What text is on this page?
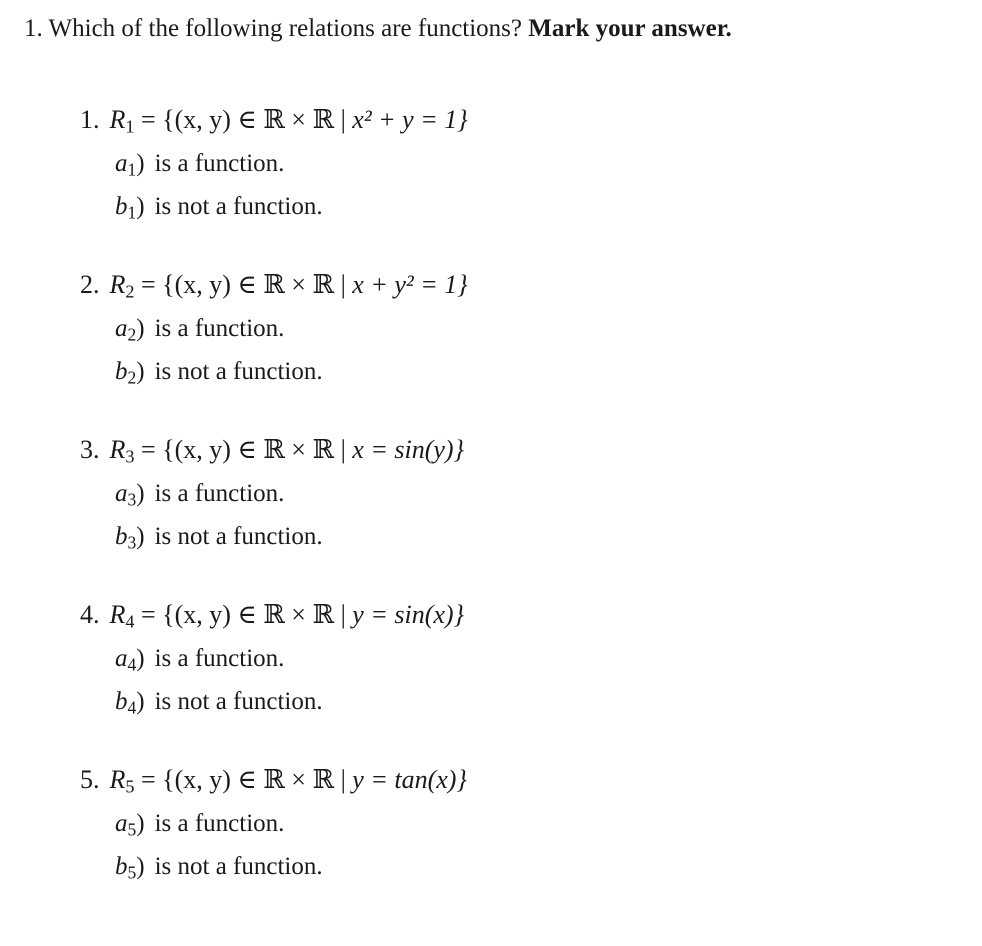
1. Which of the following relations are functions? Mark your answer.
1. $R_1 = \{(x$, y) ∈ ℝ × ℝ | x² + y = 1}
$a_1$) is a function.
$b_1$) is not a function.
2. $R_2 = \{(x$, y) ∈ ℝ × ℝ | x + y² = 1}
$a_2$) is a function.
$b_2$) is not a function.
3. $R_3 = \{(x$, y) ∈ ℝ × ℝ | x = sin(y)}
$a_3$) is a function.
$b_3$) is not a function.
4. $R_4 = \{(x$, y) ∈ ℝ × ℝ | y = sin(x)}
$a_4$) is a function.
$b_4$) is not a function.
5. $R_5 = \{(x$, y) ∈ ℝ × ℝ | y = tan(x)}
$a_5$) is a function.
$b_5$) is not a function.
